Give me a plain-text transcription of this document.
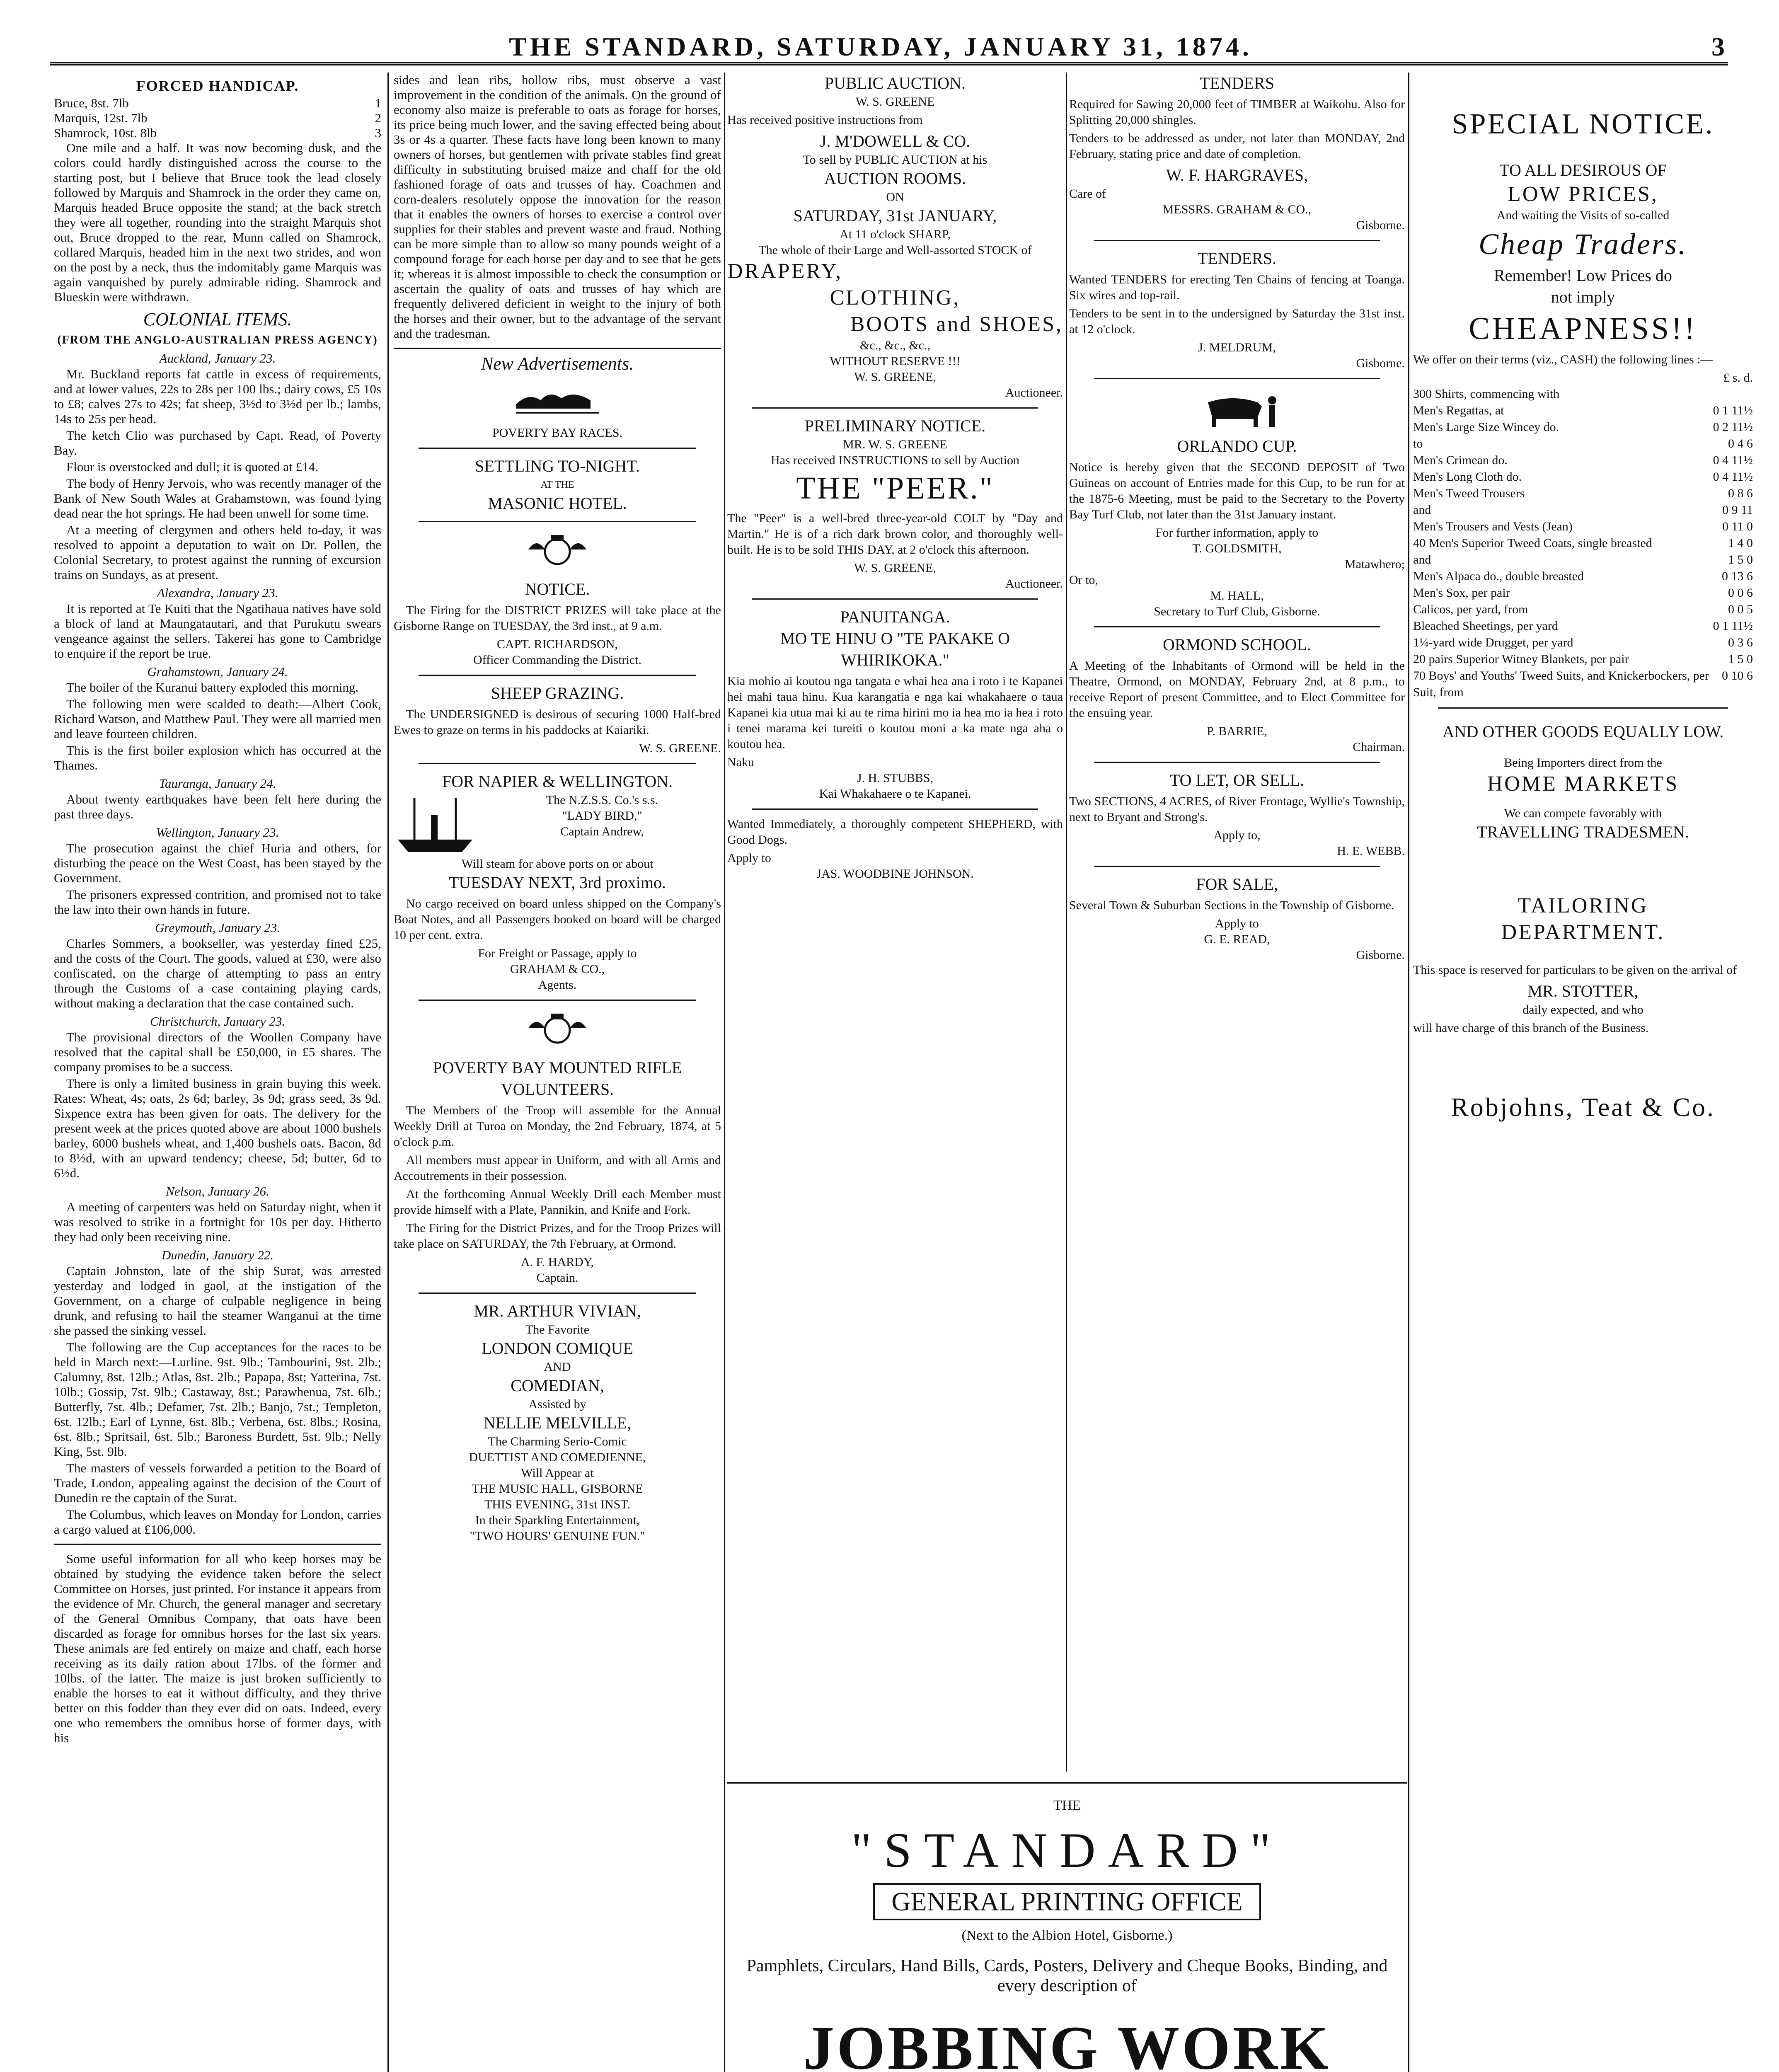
THE STANDARD, SATURDAY, JANUARY 31, 1874.	3
FORCED HANDICAP.
Bruce, 8st. 7lb	1
Marquis, 12st. 7lb	2
Shamrock, 10st. 8lb	3

One mile and a half. It was now becoming dusk, and the colors could hardly distinguished across the course to the starting post, but I believe that Bruce took the lead closely followed by Marquis and Shamrock in the order they came on, Marquis headed Bruce opposite the stand; at the back stretch they were all together, rounding into the straight Marquis shot out, Bruce dropped to the rear, Munn called on Shamrock, collared Marquis, headed him in the next two strides, and won on the post by a neck, thus the indomitably game Marquis was again vanquished by purely admirable riding. Shamrock and Blueskin were withdrawn.

COLONIAL ITEMS.
(FROM THE ANGLO-AUSTRALIAN PRESS AGENCY)
Auckland, January 23.

Mr. Buckland reports fat cattle in excess of requirements, and at lower values, 22s to 28s per 100 lbs.; dairy cows, £5 10s to £8; calves 27s to 42s; fat sheep, 3½d to 3½d per lb.; lambs, 14s to 25s per head.

The ketch Clio was purchased by Capt. Read, of Poverty Bay.

Flour is overstocked and dull; it is quoted at £14.

The body of Henry Jervois, who was recently manager of the Bank of New South Wales at Grahamstown, was found lying dead near the hot springs. He had been unwell for some time.

At a meeting of clergymen and others held to-day, it was resolved to appoint a deputation to wait on Dr. Pollen, the Colonial Secretary, to protest against the running of excursion trains on Sundays, as at present.

Alexandra, January 23.

It is reported at Te Kuiti that the Ngatihaua natives have sold a block of land at Maungatautari, and that Purukutu swears vengeance against the sellers. Takerei has gone to Cambridge to enquire if the report be true.

Grahamstown, January 24.

The boiler of the Kuranui battery exploded this morning.

The following men were scalded to death:—Albert Cook, Richard Watson, and Matthew Paul. They were all married men and leave fourteen children.

This is the first boiler explosion which has occurred at the Thames.

Tauranga, January 24.

About twenty earthquakes have been felt here during the past three days.

Wellington, January 23.

The prosecution against the chief Huria and others, for disturbing the peace on the West Coast, has been stayed by the Government.

The prisoners expressed contrition, and promised not to take the law into their own hands in future.

Greymouth, January 23.

Charles Sommers, a bookseller, was yesterday fined £25, and the costs of the Court. The goods, valued at £30, were also confiscated, on the charge of attempting to pass an entry through the Customs of a case containing playing cards, without making a declaration that the case contained such.

Christchurch, January 23.

The provisional directors of the Woollen Company have resolved that the capital shall be £50,000, in £5 shares. The company promises to be a success.

There is only a limited business in grain buying this week. Rates: Wheat, 4s; oats, 2s 6d; barley, 3s 9d; grass seed, 3s 9d. Sixpence extra has been given for oats. The delivery for the present week at the prices quoted above are about 1000 bushels barley, 6000 bushels wheat, and 1,400 bushels oats. Bacon, 8d to 8½d, with an upward tendency; cheese, 5d; butter, 6d to 6½d.

Nelson, January 26.

A meeting of carpenters was held on Saturday night, when it was resolved to strike in a fortnight for 10s per day. Hitherto they had only been receiving nine.

Dunedin, January 22.

Captain Johnston, late of the ship Surat, was arrested yesterday and lodged in gaol, at the instigation of the Government, on a charge of culpable negligence in being drunk, and refusing to hail the steamer Wanganui at the time she passed the sinking vessel.

The following are the Cup acceptances for the races to be held in March next:—Lurline. 9st. 9lb.; Tambourini, 9st. 2lb.; Calumny, 8st. 12lb.; Atlas, 8st. 2lb.; Papapa, 8st; Yatterina, 7st. 10lb.; Gossip, 7st. 9lb.; Castaway, 8st.; Parawhenua, 7st. 6lb.; Butterfly, 7st. 4lb.; Defamer, 7st. 2lb.; Banjo, 7st.; Templeton, 6st. 12lb.; Earl of Lynne, 6st. 8lb.; Verbena, 6st. 8lbs.; Rosina, 6st. 8lb.; Spritsail, 6st. 5lb.; Baroness Burdett, 5st. 9lb.; Nelly King, 5st. 9lb.

The masters of vessels forwarded a petition to the Board of Trade, London, appealing against the decision of the Court of Dunedin re the captain of the Surat.

The Columbus, which leaves on Monday for London, carries a cargo valued at £106,000.

Some useful information for all who keep horses may be obtained by studying the evidence taken before the select Committee on Horses, just printed. For instance it appears from the evidence of Mr. Church, the general manager and secretary of the General Omnibus Company, that oats have been discarded as forage for omnibus horses for the last six years. These animals are fed entirely on maize and chaff, each horse receiving as its daily ration about 17lbs. of the former and 10lbs. of the latter. The maize is just broken sufficiently to enable the horses to eat it without difficulty, and they thrive better on this fodder than they ever did on oats. Indeed, every one who remembers the omnibus horse of former days, with his

sides and lean ribs, hollow ribs, must observe a vast improvement in the condition of the animals. On the ground of economy also maize is preferable to oats as forage for horses, its price being much lower, and the saving effected being about 3s or 4s a quarter. These facts have long been known to many owners of horses, but gentlemen with private stables find great difficulty in substituting bruised maize and chaff for the old fashioned forage of oats and trusses of hay. Coachmen and corn-dealers resolutely oppose the innovation for the reason that it enables the owners of horses to exercise a control over supplies for their stables and prevent waste and fraud. Nothing can be more simple than to allow so many pounds weight of a compound forage for each horse per day and to see that he gets it; whereas it is almost impossible to check the consumption or ascertain the quality of oats and trusses of hay which are frequently delivered deficient in weight to the injury of both the horses and their owner, but to the advantage of the servant and the tradesman.

New Advertisements.
POVERTY BAY RACES.
SETTLING TO-NIGHT.
AT THE
MASONIC HOTEL.
NOTICE.

The Firing for the DISTRICT PRIZES will take place at the Gisborne Range on TUESDAY, the 3rd inst., at 9 a.m.

CAPT. RICHARDSON,
Officer Commanding the District.
SHEEP GRAZING.

The UNDERSIGNED is desirous of securing 1000 Half-bred Ewes to graze on terms in his paddocks at Kaiariki.

W. S. GREENE.
FOR NAPIER & WELLINGTON.
The N.Z.S.S. Co.'s s.s.
"LADY BIRD,"
Captain Andrew,
Will steam for above ports on or about
TUESDAY NEXT, 3rd proximo.

No cargo received on board unless shipped on the Company's Boat Notes, and all Passengers booked on board will be charged 10 per cent. extra.

For Freight or Passage, apply to
GRAHAM & CO.,
Agents.
POVERTY BAY MOUNTED RIFLE VOLUNTEERS.

The Members of the Troop will assemble for the Annual Weekly Drill at Turoa on Monday, the 2nd February, 1874, at 5 o'clock p.m.

All members must appear in Uniform, and with all Arms and Accoutrements in their possession.

At the forthcoming Annual Weekly Drill each Member must provide himself with a Plate, Pannikin, and Knife and Fork.

The Firing for the District Prizes, and for the Troop Prizes will take place on SATURDAY, the 7th February, at Ormond.

A. F. HARDY,
Captain.
MR. ARTHUR VIVIAN,
The Favorite
LONDON COMIQUE
AND
COMEDIAN,
Assisted by
NELLIE MELVILLE,
The Charming Serio-Comic
DUETTIST AND COMEDIENNE,
Will Appear at
THE MUSIC HALL, GISBORNE
THIS EVENING, 31st INST.
In their Sparkling Entertainment,
"TWO HOURS' GENUINE FUN."
PUBLIC AUCTION.
W. S. GREENE

Has received positive instructions from

J. M'DOWELL & CO.
To sell by PUBLIC AUCTION at his
AUCTION ROOMS.
ON
SATURDAY, 31st JANUARY,
At 11 o'clock SHARP,
The whole of their Large and Well-assorted STOCK of
DRAPERY,
CLOTHING,
BOOTS and SHOES,
&c., &c., &c.,
WITHOUT RESERVE !!!
W. S. GREENE,
Auctioneer.
PRELIMINARY NOTICE.
MR. W. S. GREENE
Has received INSTRUCTIONS to sell by Auction
THE "PEER."

The "Peer" is a well-bred three-year-old COLT by "Day and Martin." He is of a rich dark brown color, and thoroughly well-built. He is to be sold THIS DAY, at 2 o'clock this afternoon.

W. S. GREENE,
Auctioneer.
PANUITANGA.
MO TE HINU O "TE PAKAKE O WHIRIKOKA."

Kia mohio ai koutou nga tangata e whai hea ana i roto i te Kapanei hei mahi taua hinu. Kua karangatia e nga kai whakahaere o taua Kapanei kia utua mai ki au te rima hirini mo ia hea mo ia hea i roto i tenei marama kei tureiti o koutou moni a ka mate nga aha o koutou hea.

Naku
J. H. STUBBS,
Kai Whakahaere o te Kapanei.

Wanted Immediately, a thoroughly competent SHEPHERD, with Good Dogs.

Apply to
JAS. WOODBINE JOHNSON.
TENDERS

Required for Sawing 20,000 feet of TIMBER at Waikohu. Also for Splitting 20,000 shingles.

Tenders to be addressed as under, not later than MONDAY, 2nd February, stating price and date of completion.

W. F. HARGRAVES,
Care of
MESSRS. GRAHAM & CO.,
Gisborne.
TENDERS.

Wanted TENDERS for erecting Ten Chains of fencing at Toanga. Six wires and top-rail.

Tenders to be sent in to the undersigned by Saturday the 31st inst. at 12 o'clock.

J. MELDRUM,
Gisborne.
ORLANDO CUP.

Notice is hereby given that the SECOND DEPOSIT of Two Guineas on account of Entries made for this Cup, to be run for at the 1875-6 Meeting, must be paid to the Secretary to the Poverty Bay Turf Club, not later than the 31st January instant.

For further information, apply to
T. GOLDSMITH,
Matawhero;
Or to,
M. HALL,
Secretary to Turf Club, Gisborne.
ORMOND SCHOOL.

A Meeting of the Inhabitants of Ormond will be held in the Theatre, Ormond, on MONDAY, February 2nd, at 8 p.m., to receive Report of present Committee, and to Elect Committee for the ensuing year.

P. BARRIE,
Chairman.
TO LET, OR SELL.

Two SECTIONS, 4 ACRES, of River Frontage, Wyllie's Township, next to Bryant and Strong's.

Apply to,
H. E. WEBB.
FOR SALE,

Several Town & Suburban Sections in the Township of Gisborne.

Apply to
G. E. READ,
Gisborne.
THE
"STANDARD"
GENERAL PRINTING OFFICE
(Next to the Albion Hotel, Gisborne.)
Pamphlets, Circulars, Hand Bills, Cards, Posters, Delivery and Cheque Books, Binding, and every description of
JOBBING WORK
SPECIAL NOTICE.
TO ALL DESIROUS OF
LOW PRICES,
And waiting the Visits of so-called
Cheap Traders.
Remember! Low Prices do
not imply
CHEAPNESS!!

We offer on their terms (viz., CASH) the following lines :—

£ s. d.
300 Shirts, commencing with
Men's Regattas, at	0 1 11½
Men's Large Size Wincey do.	0 2 11½
to	0 4 6
Men's Crimean do.	0 4 11½
Men's Long Cloth do.	0 4 11½
Men's Tweed Trousers	0 8 6
and	0 9 11
Men's Trousers and Vests (Jean)	0 11 0
40 Men's Superior Tweed Coats, single breasted	1 4 0
and	1 5 0
Men's Alpaca do., double breasted	0 13 6
Men's Sox, per pair	0 0 6
Calicos, per yard, from	0 0 5
Bleached Sheetings, per yard	0 1 11½
1¼-yard wide Drugget, per yard	0 3 6
20 pairs Superior Witney Blankets, per pair	1 5 0
70 Boys' and Youths' Tweed Suits, and Knickerbockers, per Suit, from
0 10 6
AND OTHER GOODS EQUALLY LOW.
Being Importers direct from the
HOME MARKETS
We can compete favorably with
TRAVELLING TRADESMEN.
TAILORING
DEPARTMENT.

This space is reserved for particulars to be given on the arrival of

MR. STOTTER,
daily expected, and who

will have charge of this branch of the Business.

Robjohns, Teat & Co.
